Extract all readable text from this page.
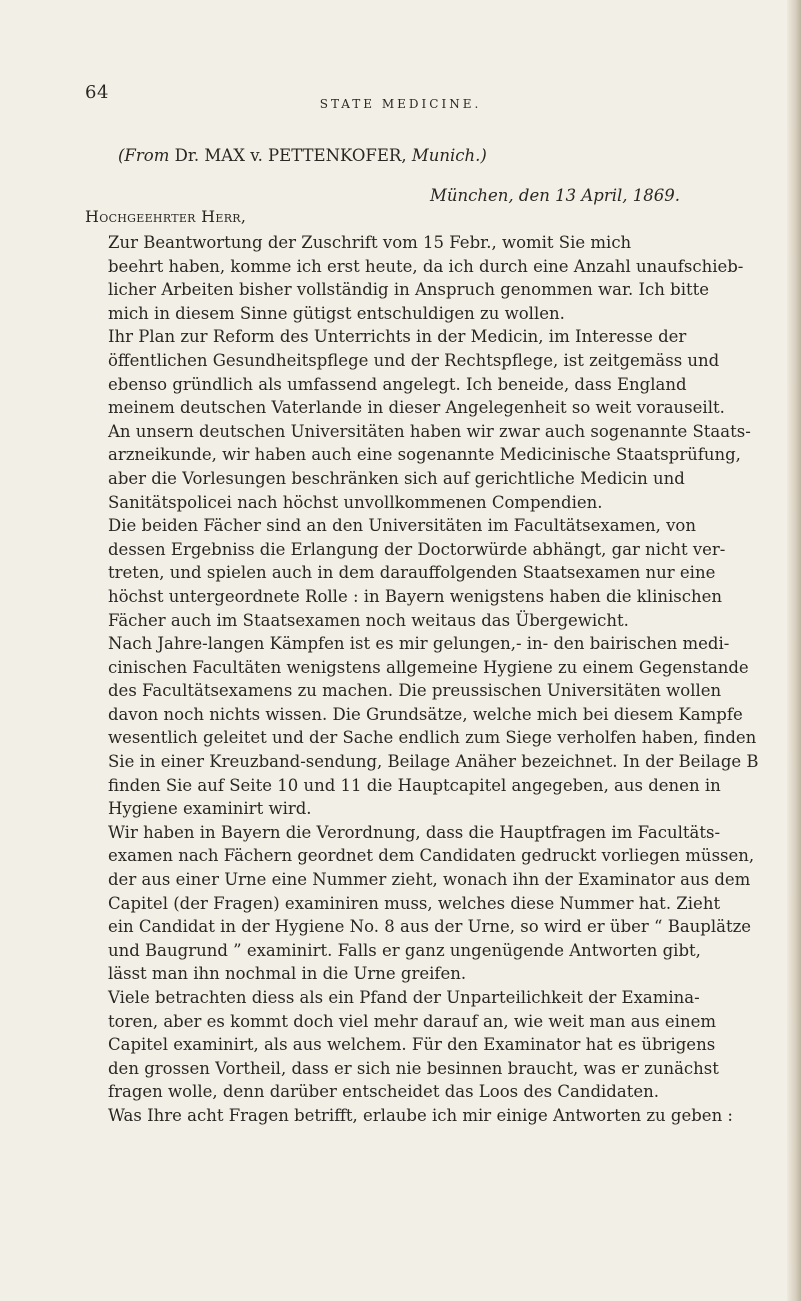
64
STATE MEDICINE.
(From Dr. MAX v. PETTENKOFER, Munich.)
München, den 13 April, 1869.
Hochgeehrter Herr,

Zur Beantwortung der Zuschrift vom 15 Febr., womit Sie mich
beehrt haben, komme ich erst heute, da ich durch eine Anzahl unaufschieb-
licher Arbeiten bisher vollständig in Anspruch genommen war. Ich bitte
mich in diesem Sinne gütigst entschuldigen zu wollen.

Ihr Plan zur Reform des Unterrichts in der Medicin, im Interesse der
öffentlichen Gesundheitspflege und der Rechtspflege, ist zeitgemäss und
ebenso gründlich als umfassend angelegt. Ich beneide, dass England
meinem deutschen Vaterlande in dieser Angelegenheit so weit vorauseilt.

An unsern deutschen Universitäten haben wir zwar auch sogenannte Staats-
arzneikunde, wir haben auch eine sogenannte Medicinische Staatsprüfung,
aber die Vorlesungen beschränken sich auf gerichtliche Medicin und
Sanitätspolicei nach höchst unvollkommenen Compendien.

Die beiden Fächer sind an den Universitäten im Facultätsexamen, von
dessen Ergebniss die Erlangung der Doctorwürde abhängt, gar nicht ver-
treten, und spielen auch in dem darauffolgenden Staatsexamen nur eine
höchst untergeordnete Rolle : in Bayern wenigstens haben die klinischen
Fächer auch im Staatsexamen noch weitaus das Übergewicht.

Nach Jahre-langen Kämpfen ist es mir gelungen,- in- den bairischen medi-
cinischen Facultäten wenigstens allgemeine Hygiene zu einem Gegenstande
des Facultätsexamens zu machen. Die preussischen Universitäten wollen
davon noch nichts wissen. Die Grundsätze, welche mich bei diesem Kampfe
wesentlich geleitet und der Sache endlich zum Siege verholfen haben, finden
Sie in einer Kreuzband-sendung, Beilage Anäher bezeichnet. In der Beilage B
finden Sie auf Seite 10 und 11 die Hauptcapitel angegeben, aus denen in
Hygiene examinirt wird.

Wir haben in Bayern die Verordnung, dass die Hauptfragen im Facultäts-
examen nach Fächern geordnet dem Candidaten gedruckt vorliegen müssen,
der aus einer Urne eine Nummer zieht, wonach ihn der Examinator aus dem
Capitel (der Fragen) examiniren muss, welches diese Nummer hat. Zieht
ein Candidat in der Hygiene No. 8 aus der Urne, so wird er über “ Bauplätze
und Baugrund ” examinirt. Falls er ganz ungenügende Antworten gibt,
lässt man ihn nochmal in die Urne greifen.

Viele betrachten diess als ein Pfand der Unparteilichkeit der Examina-
toren, aber es kommt doch viel mehr darauf an, wie weit man aus einem
Capitel examinirt, als aus welchem. Für den Examinator hat es übrigens
den grossen Vortheil, dass er sich nie besinnen braucht, was er zunächst
fragen wolle, denn darüber entscheidet das Loos des Candidaten.

Was Ihre acht Fragen betrifft, erlaube ich mir einige Antworten zu geben :
